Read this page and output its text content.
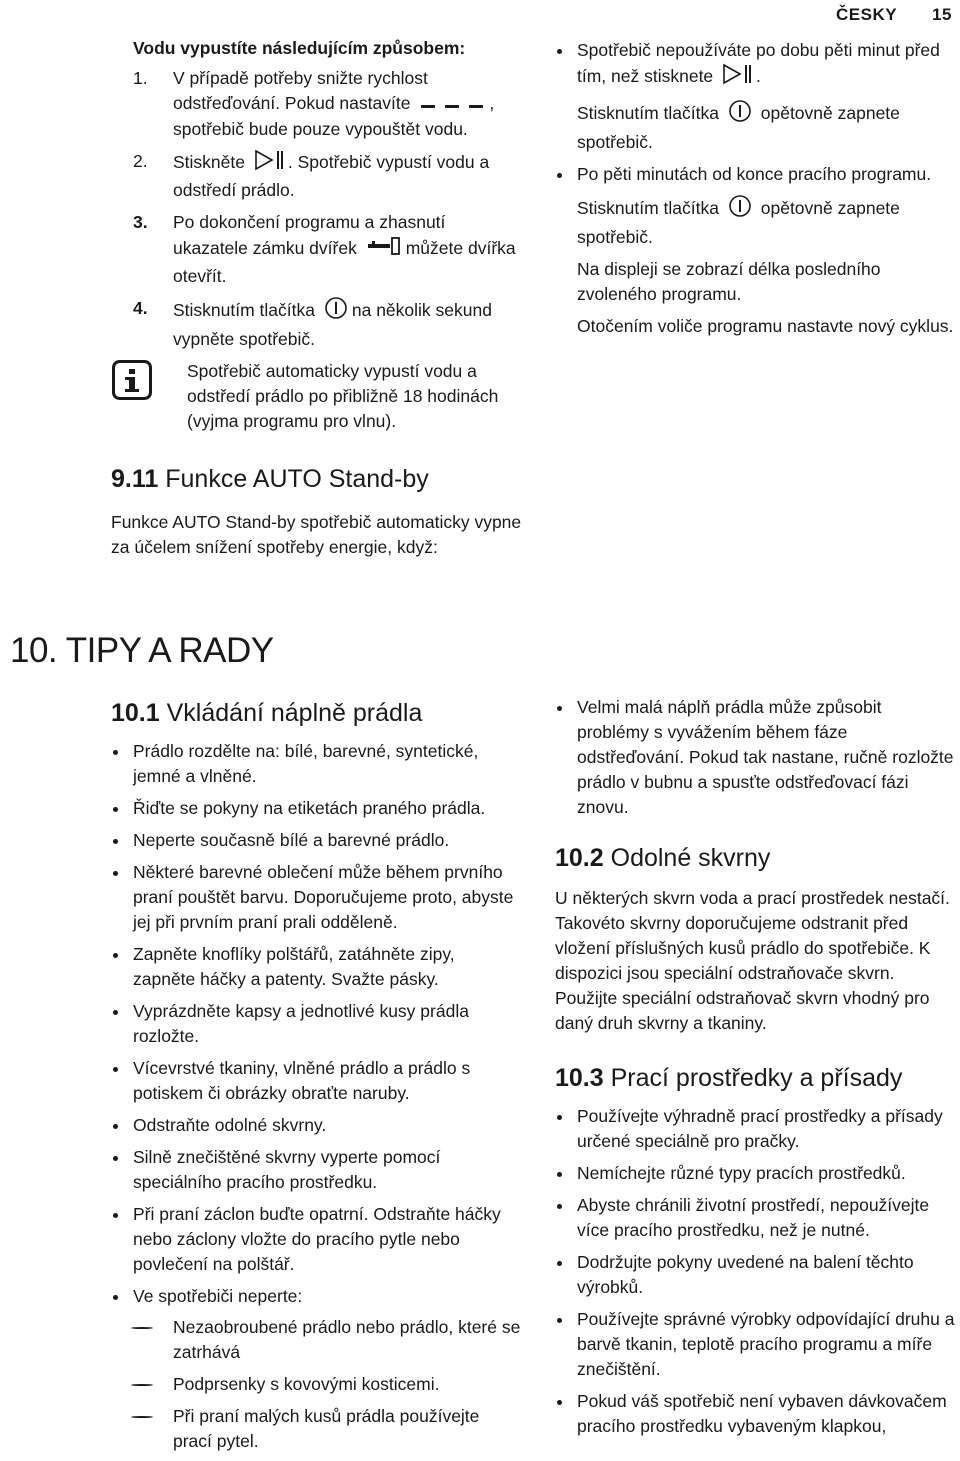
ČESKY 15
Vodu vypustíte následujícím způsobem:
1. V případě potřeby snižte rychlost odstřeďování. Pokud nastavíte	, spotřebič bude pouze vypouštět vodu.
2. Stiskněte . Spotřebič vypustí vodu a odstředí prádlo.
3. Po dokončení programu a zhasnutí ukazatele zámku dvířek	můžete dvířka otevřít.
4. Stisknutím tlačítka na několik sekund vypněte spotřebič.
Spotřebič automaticky vypustí vodu a odstředí prádlo po přibližně 18 hodinách (vyjma programu pro vlnu).
9.11 Funkce AUTO Stand-by
Funkce AUTO Stand-by spotřebič automaticky vypne za účelem snížení spotřeby energie, když:
Spotřebič nepoužíváte po dobu pěti minut před tím, než stisknete .
Stisknutím tlačítka opětovně zapnete spotřebič.
Po pěti minutách od konce pracího programu.
Stisknutím tlačítka opětovně zapnete spotřebič.
Na displeji se zobrazí délka posledního zvoleného programu.
Otočením voliče programu nastavte nový cyklus.
10. TIPY A RADY
10.1 Vkládání náplně prádla
Prádlo rozdělte na: bílé, barevné, syntetické, jemné a vlněné.
Řiďte se pokyny na etiketách praného prádla.
Neperte současně bílé a barevné prádlo.
Některé barevné oblečení může během prvního praní pouštět barvu. Doporučujeme proto, abyste jej při prvním praní prali odděleně.
Zapněte knoflíky polštářů, zatáhněte zipy, zapněte háčky a patenty. Svažte pásky.
Vyprázdněte kapsy a jednotlivé kusy prádla rozložte.
Vícevrstvé tkaniny, vlněné prádlo a prádlo s potiskem či obrázky obraťte naruby.
Odstraňte odolné skvrny.
Silně znečištěné skvrny vyperte pomocí speciálního pracího prostředku.
Při praní záclon buďte opatrní. Odstraňte háčky nebo záclony vložte do pracího pytle nebo povlečení na polštář.
Ve spotřebiči neperte:
Nezaobroubené prádlo nebo prádlo, které se zatrhává
Podprsenky s kovovými kosticemi.
Při praní malých kusů prádla používejte prací pytel.
Velmi malá náplň prádla může způsobit problémy s vyvážením během fáze odstřeďování. Pokud tak nastane, ručně rozložte prádlo v bubnu a spusťte odstřeďovací fázi znovu.
10.2 Odolné skvrny
U některých skvrn voda a prací prostředek nestačí.
Takovéto skvrny doporučujeme odstranit před vložení příslušných kusů prádlo do spotřebiče. K dispozici jsou speciální odstraňovače skvrn. Použijte speciální odstraňovač skvrn vhodný pro daný druh skvrny a tkaniny.
10.3 Prací prostředky a přísady
Používejte výhradně prací prostředky a přísady určené speciálně pro pračky.
Nemíchejte různé typy pracích prostředků.
Abyste chránili životní prostředí, nepoužívejte více pracího prostředku, než je nutné.
Dodržujte pokyny uvedené na balení těchto výrobků.
Používejte správné výrobky odpovídající druhu a barvě tkanin, teplotě pracího programu a míře znečištění.
Pokud váš spotřebič není vybaven dávkovačem pracího prostředku vybaveným klapkou,
